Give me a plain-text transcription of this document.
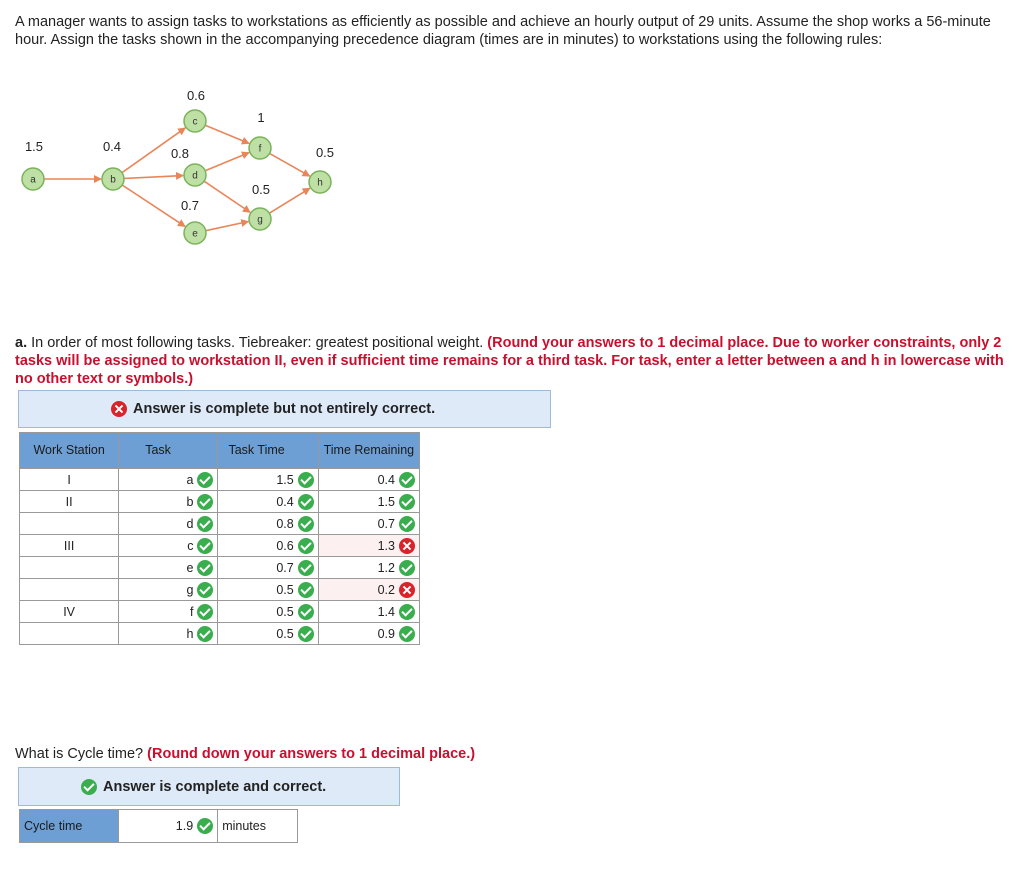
A manager wants to assign tasks to workstations as efficiently as possible and achieve an hourly output of 29 units. Assume the shop works a 56-minute hour. Assign the tasks shown in the accompanying precedence diagram (times are in minutes) to workstations using the following rules:
a	b
c
d
e
f
g
h
1.5	0.4
0.6
0.8
0.7
1
0.5
0.5
a. In order of most following tasks. Tiebreaker: greatest positional weight. (Round your answers to 1 decimal place. Due to worker constraints, only 2 tasks will be assigned to workstation II, even if sufficient time remains for a third task. For task, enter a letter between a and h in lowercase with no other text or symbols.)
Answer is complete but not entirely correct.
Work Station	Task	Task Time	Time Remaining
I	a	1.5	0.4

II	b	0.4	1.5

	d	0.8	0.7

III	c	0.6	1.3

	e	0.7	1.2

	g	0.5	0.2

IV	f	0.5	1.4

	h	0.5	0.9
What is Cycle time? (Round down your answers to 1 decimal place.)
Answer is complete and correct.
Cycle time	1.9	minutes
